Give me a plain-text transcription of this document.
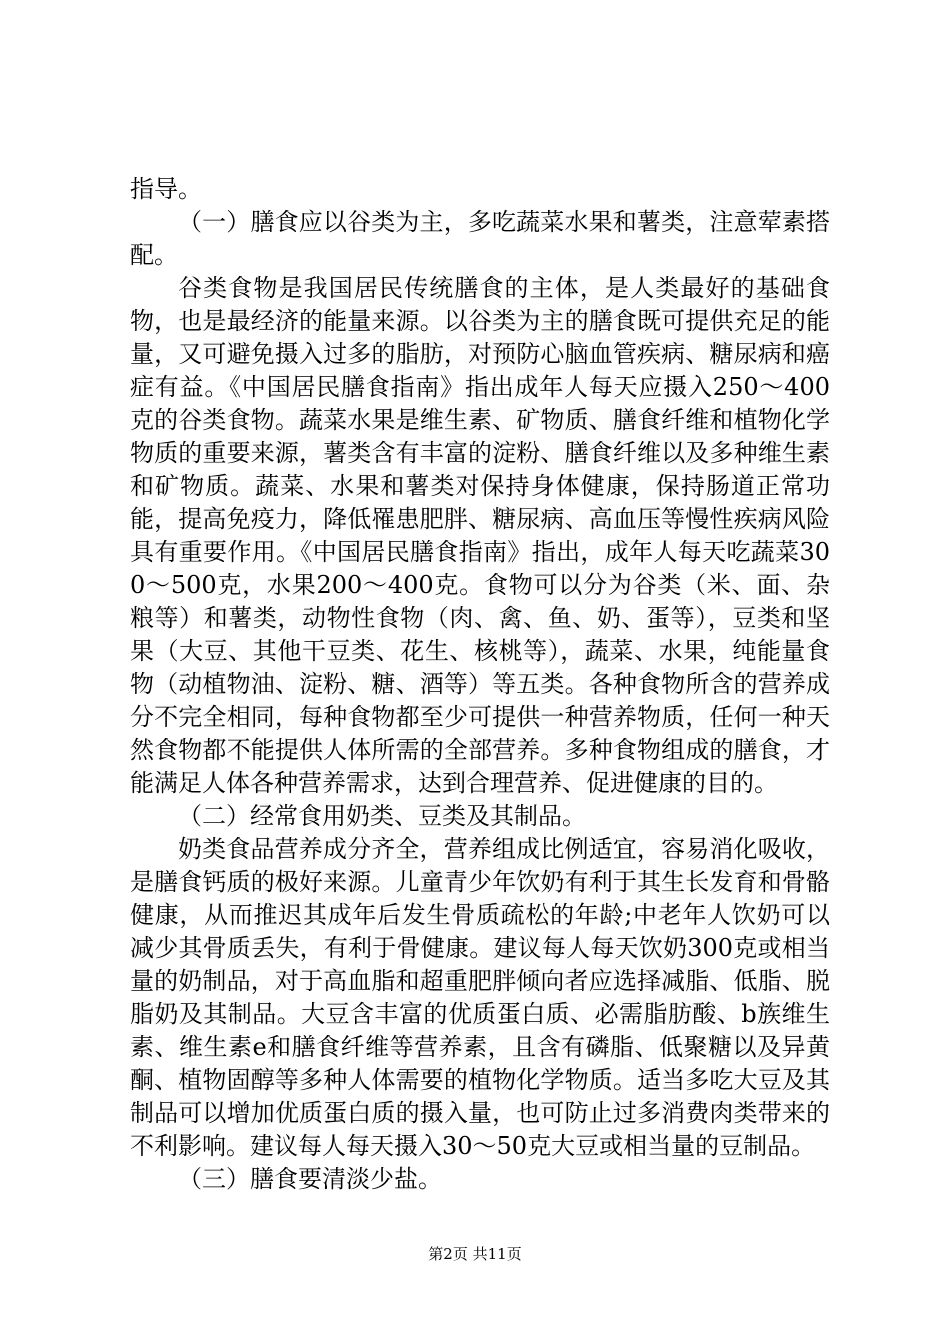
指导。

（一）膳食应以谷类为主，多吃蔬菜水果和薯类，注意荤素搭配。

谷类食物是我国居民传统膳食的主体，是人类最好的基础食物，也是最经济的能量来源。以谷类为主的膳食既可提供充足的能量，又可避免摄入过多的脂肪，对预防心脑血管疾病、糖尿病和癌症有益。《中国居民膳食指南》指出成年人每天应摄入250～400克的谷类食物。蔬菜水果是维生素、矿物质、膳食纤维和植物化学物质的重要来源，薯类含有丰富的淀粉、膳食纤维以及多种维生素和矿物质。蔬菜、水果和薯类对保持身体健康，保持肠道正常功能，提高免疫力，降低罹患肥胖、糖尿病、高血压等慢性疾病风险具有重要作用。《中国居民膳食指南》指出，成年人每天吃蔬菜300～500克，水果200～400克。食物可以分为谷类（米、面、杂粮等）和薯类，动物性食物（肉、禽、鱼、奶、蛋等），豆类和坚果（大豆、其他干豆类、花生、核桃等），蔬菜、水果，纯能量食物（动植物油、淀粉、糖、酒等）等五类。各种食物所含的营养成分不完全相同，每种食物都至少可提供一种营养物质，任何一种天然食物都不能提供人体所需的全部营养。多种食物组成的膳食，才能满足人体各种营养需求，达到合理营养、促进健康的目的。

（二）经常食用奶类、豆类及其制品。

奶类食品营养成分齐全，营养组成比例适宜，容易消化吸收，是膳食钙质的极好来源。儿童青少年饮奶有利于其生长发育和骨骼健康，从而推迟其成年后发生骨质疏松的年龄;中老年人饮奶可以减少其骨质丢失，有利于骨健康。建议每人每天饮奶300克或相当量的奶制品，对于高血脂和超重肥胖倾向者应选择减脂、低脂、脱脂奶及其制品。大豆含丰富的优质蛋白质、必需脂肪酸、b族维生素、维生素e和膳食纤维等营养素，且含有磷脂、低聚糖以及异黄酮、植物固醇等多种人体需要的植物化学物质。适当多吃大豆及其制品可以增加优质蛋白质的摄入量，也可防止过多消费肉类带来的不利影响。建议每人每天摄入30～50克大豆或相当量的豆制品。

（三）膳食要清淡少盐。

第2页 共11页
